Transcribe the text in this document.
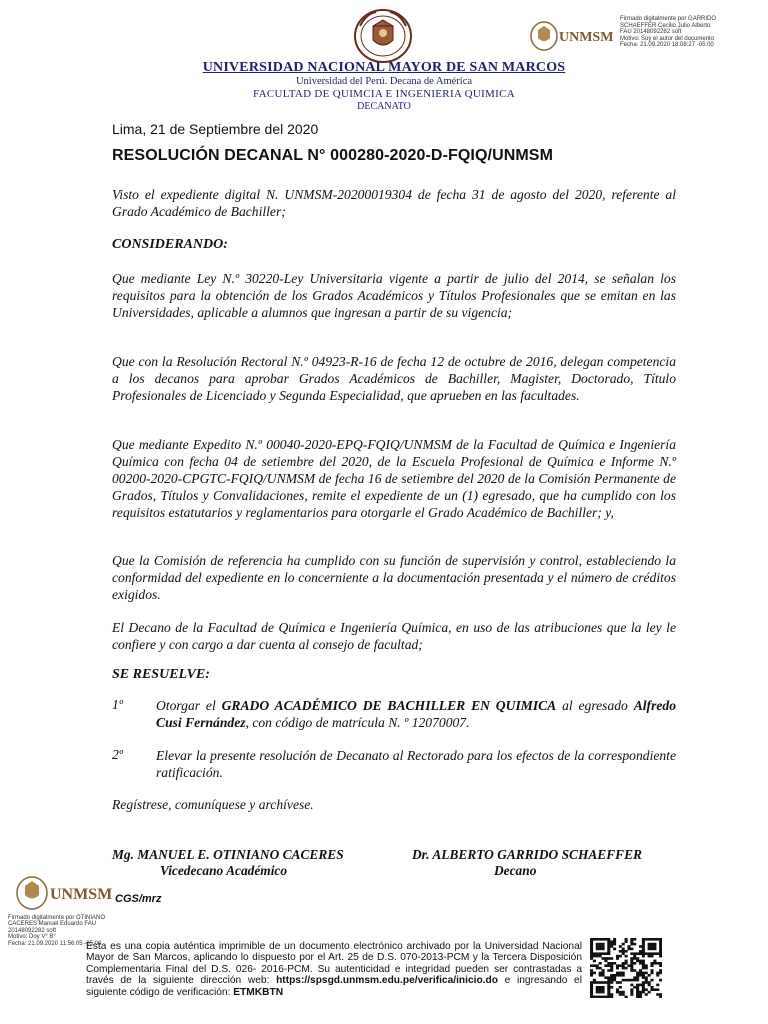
UNIVERSIDAD NACIONAL MAYOR DE SAN MARCOS
Universidad del Perú. Decana de América
FACULTAD DE QUIMCIA E INGENIERIA QUIMICA
DECANATO
UNMSM
Firmado digitalmente por GARRIDO
SCHAEFFER Cecilio Julio Alberto
FAU 20148092282 soft
Motivo: Soy el autor del documento
Fecha: 21.09.2020 18:08:27 -05:00
Lima, 21 de Septiembre del 2020
RESOLUCIÓN DECANAL N° 000280-2020-D-FQIQ/UNMSM
Visto el expediente digital N. UNMSM-20200019304 de fecha 31 de agosto del 2020, referente al Grado Académico de Bachiller;
CONSIDERANDO:
Que mediante Ley N.º 30220-Ley Universitaria vigente a partir de julio del 2014, se señalan los requisitos para la obtención de los Grados Académicos y Títulos Profesionales que se emitan en las Universidades, aplicable a alumnos que ingresan a partir de su vigencia;
Que con la Resolución Rectoral N.º 04923-R-16 de fecha 12 de octubre de 2016, delegan competencia a los decanos para aprobar Grados Académicos de Bachiller, Magister, Doctorado, Título Profesionales de Licenciado y Segunda Especialidad, que aprueben en las facultades.
Que mediante Expedito N.º 00040-2020-EPQ-FQIQ/UNMSM de la Facultad de Química e Ingeniería Química con fecha 04 de setiembre del 2020, de la Escuela Profesional de Química e Informe N.º 00200-2020-CPGTC-FQIQ/UNMSM de fecha 16 de setiembre del 2020 de la Comisión Permanente de Grados, Títulos y Convalidaciones, remite el expediente de un (1) egresado, que ha cumplido con los requisitos estatutarios y reglamentarios para otorgarle el Grado Académico de Bachiller; y,
Que la Comisión de referencia ha cumplido con su función de supervisión y control, estableciendo la conformidad del expediente en lo concerniente a la documentación presentada y el número de créditos exigidos.
El Decano de la Facultad de Química e Ingeniería Química, en uso de las atribuciones que la ley le confiere y con cargo a dar cuenta al consejo de facultad;
SE RESUELVE:
1º Otorgar el GRADO ACADÉMICO DE BACHILLER EN QUIMICA al egresado Alfredo Cusi Fernández, con código de matrícula N. º 12070007.
2º Elevar la presente resolución de Decanato al Rectorado para los efectos de la correspondiente ratificación.
Regístrese, comuníquese y archívese.
Mg. MANUEL E. OTINIANO CACERES
Vicedecano Académico
Dr. ALBERTO GARRIDO SCHAEFFER
Decano
UNMSM CGS/mrz
Firmado digitalmente por OTINIANO
CACERES Manuel Eduardo FAU
20148092282 soft
Motivo: Doy V° B°
Fecha: 21.09.2020 11:56:05 -05:00
Esta es una copia auténtica imprimible de un documento electrónico archivado por la Universidad Nacional Mayor de San Marcos, aplicando lo dispuesto por el Art. 25 de D.S. 070-2013-PCM y la Tercera Disposición Complementaria Final del D.S. 026- 2016-PCM. Su autenticidad e integridad pueden ser contrastadas a través de la siguiente dirección web: https://spsgd.unmsm.edu.pe/verifica/inicio.do e ingresando el siguiente código de verificación: ETMKBTN
